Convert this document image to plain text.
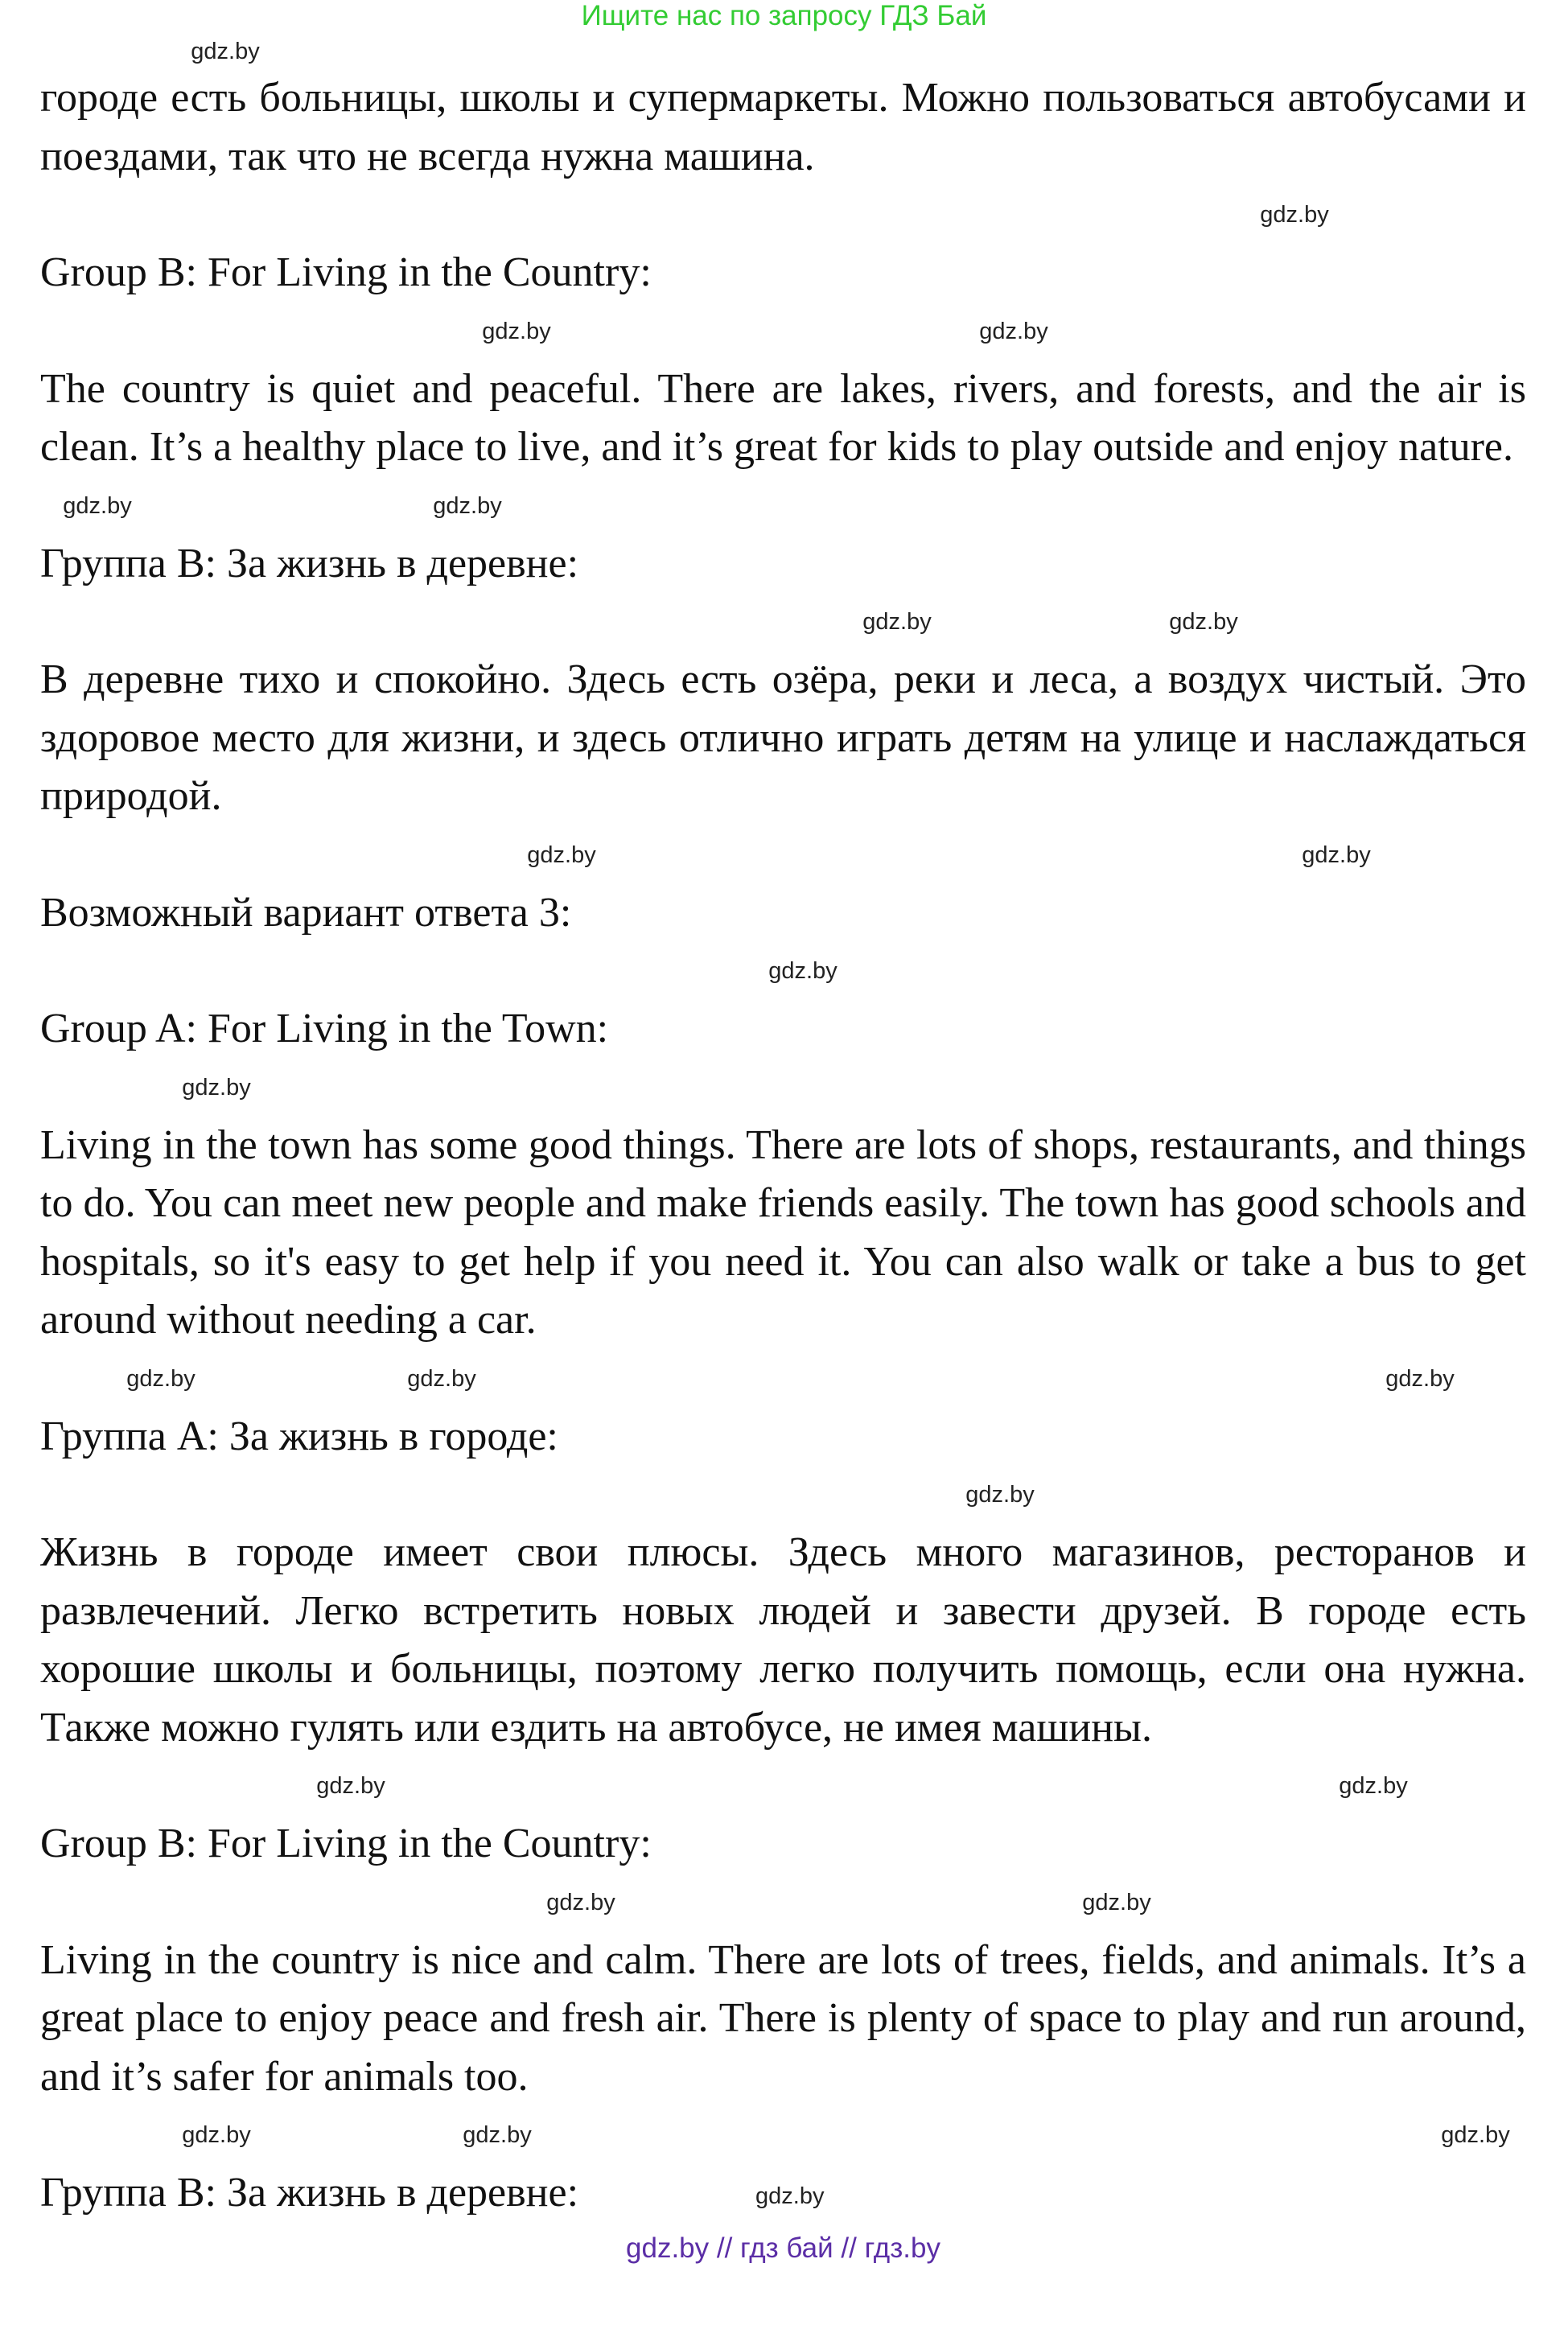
Ищите нас по запросу ГДЗ Бай
gdz.by

городе есть больницы, школы и супермаркеты. Можно пользоваться автобусами и поездами, так что не всегда нужна машина.

gdz.by

Group B: For Living in the Country:

gdz.by
gdz.by

The country is quiet and peaceful. There are lakes, rivers, and forests, and the air is clean. It’s a healthy place to live, and it’s great for kids to play outside and enjoy nature.

gdz.by
gdz.by

Группа B: За жизнь в деревне:

gdz.by	gdz.by

В деревне тихо и спокойно. Здесь есть озёра, реки и леса, а воздух чистый. Это здоровое место для жизни, и здесь отлично играть детям на улице и наслаждаться природой.

gdz.by	gdz.by

Возможный вариант ответа 3:

gdz.by

Group A: For Living in the Town:

gdz.by

Living in the town has some good things. There are lots of shops, restaurants, and things to do. You can meet new people and make friends easily. The town has good schools and hospitals, so it's easy to get help if you need it. You can also walk or take a bus to get around without needing a car.

gdz.by
gdz.by	gdz.by

Группа А: За жизнь в городе:

gdz.by

Жизнь в городе имеет свои плюсы. Здесь много магазинов, ресторанов и развлечений. Легко встретить новых людей и завести друзей. В городе есть хорошие школы и больницы, поэтому легко получить помощь, если она нужна. Также можно гулять или ездить на автобусе, не имея машины.

gdz.by
gdz.by

Group B: For Living in the Country:

gdz.by
gdz.by

Living in the country is nice and calm. There are lots of trees, fields, and animals. It’s a great place to enjoy peace and fresh air. There is plenty of space to play and run around, and it’s safer for animals too.

gdz.by
gdz.by	gdz.by
Группа В: За жизнь в деревне:	gdz.by
gdz.by // гдз бай // гдз.by
